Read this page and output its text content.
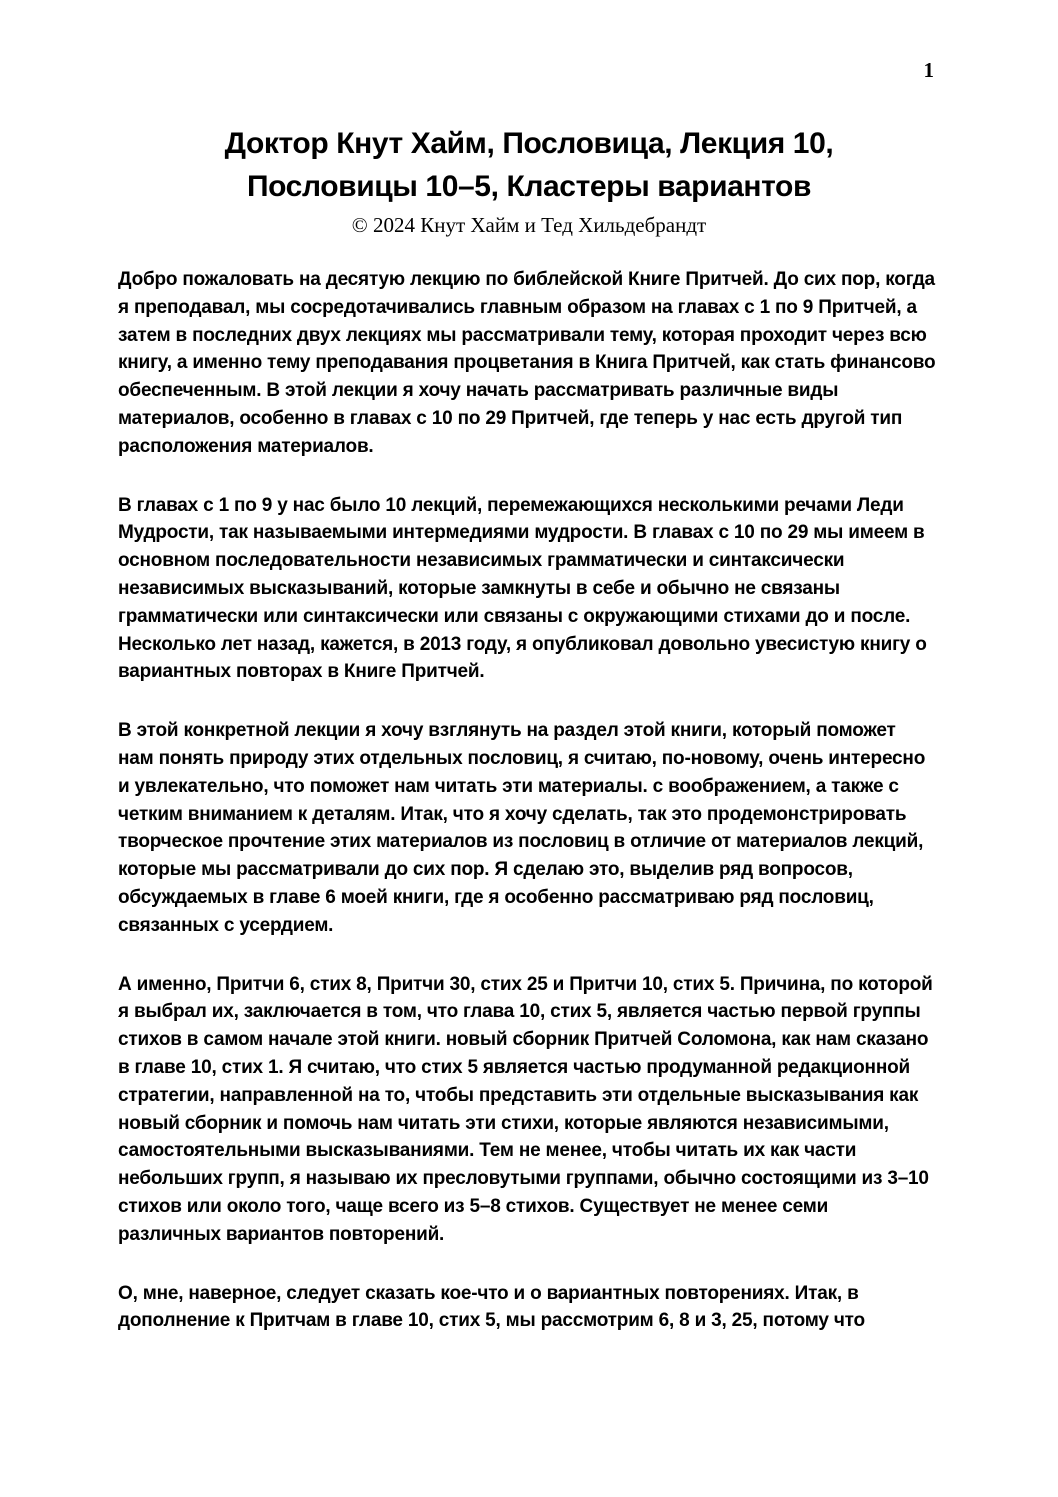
1
Доктор Кнут Хайм, Пословица, Лекция 10,
Пословицы 10–5, Кластеры вариантов
© 2024 Кнут Хайм и Тед Хильдебрандт

Добро пожаловать на десятую лекцию по библейской Книге Притчей. До сих пор, когда я преподавал, мы сосредотачивались главным образом на главах с 1 по 9 Притчей, а затем в последних двух лекциях мы рассматривали тему, которая проходит через всю книгу, а именно тему преподавания процветания в Книга Притчей, как стать финансово обеспеченным. В этой лекции я хочу начать рассматривать различные виды материалов, особенно в главах с 10 по 29 Притчей, где теперь у нас есть другой тип расположения материалов.

В главах с 1 по 9 у нас было 10 лекций, перемежающихся несколькими речами Леди Мудрости, так называемыми интермедиями мудрости. В главах с 10 по 29 мы имеем в основном последовательности независимых грамматически и синтаксически независимых высказываний, которые замкнуты в себе и обычно не связаны грамматически или синтаксически или связаны с окружающими стихами до и после. Несколько лет назад, кажется, в 2013 году, я опубликовал довольно увесистую книгу о вариантных повторах в Книге Притчей.

В этой конкретной лекции я хочу взглянуть на раздел этой книги, который поможет нам понять природу этих отдельных пословиц, я считаю, по-новому, очень интересно и увлекательно, что поможет нам читать эти материалы. с воображением, а также с четким вниманием к деталям. Итак, что я хочу сделать, так это продемонстрировать творческое прочтение этих материалов из пословиц в отличие от материалов лекций, которые мы рассматривали до сих пор. Я сделаю это, выделив ряд вопросов, обсуждаемых в главе 6 моей книги, где я особенно рассматриваю ряд пословиц, связанных с усердием.

А именно, Притчи 6, стих 8, Притчи 30, стих 25 и Притчи 10, стих 5. Причина, по которой я выбрал их, заключается в том, что глава 10, стих 5, является частью первой группы стихов в самом начале этой книги. новый сборник Притчей Соломона, как нам сказано в главе 10, стих 1. Я считаю, что стих 5 является частью продуманной редакционной стратегии, направленной на то, чтобы представить эти отдельные высказывания как новый сборник и помочь нам читать эти стихи, которые являются независимыми, самостоятельными высказываниями. Тем не менее, чтобы читать их как части небольших групп, я называю их пресловутыми группами, обычно состоящими из 3–10 стихов или около того, чаще всего из 5–8 стихов. Существует не менее семи различных вариантов повторений.

О, мне, наверное, следует сказать кое-что и о вариантных повторениях. Итак, в дополнение к Притчам в главе 10, стих 5, мы рассмотрим 6, 8 и 3, 25, потому что
